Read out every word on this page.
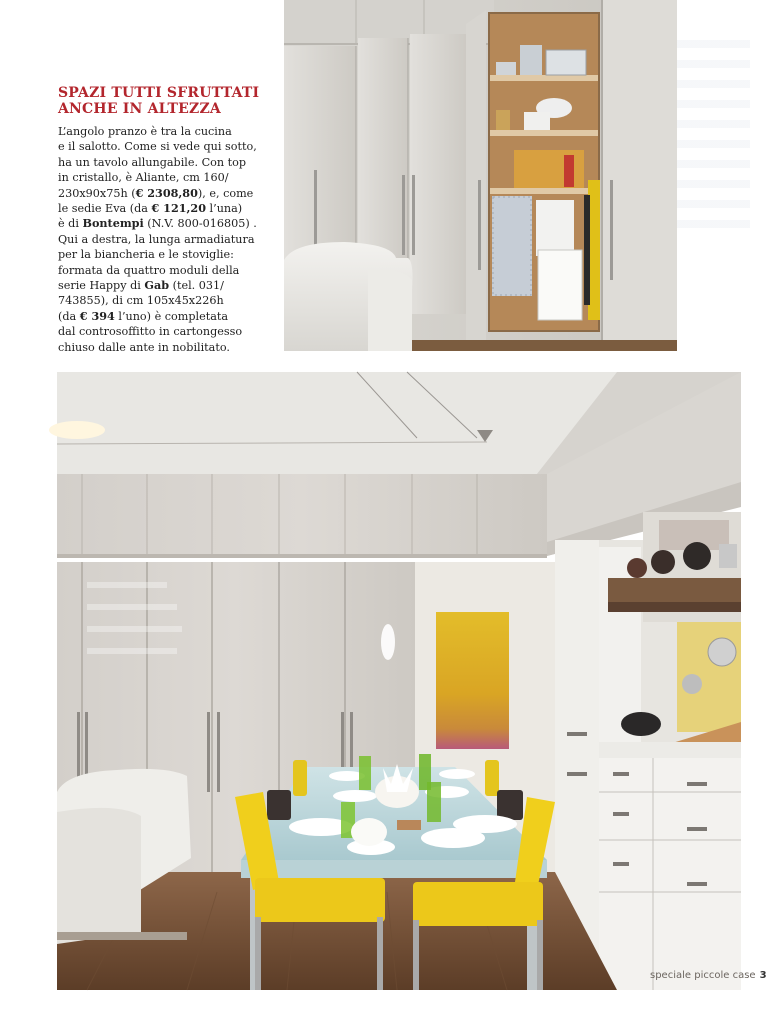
SPAZI TUTTI SFRUTTATI
ANCHE IN ALTEZZA
L’angolo pranzo è tra la cucina
e il salotto. Come si vede qui sotto,
ha un tavolo allungabile. Con top
in cristallo, è Aliante, cm 160/
230x90x75h (€ 2308,80), e, come
le sedie Eva (da € 121,20 l’una)
è di Bontempi (N.V. 800-016805) .
Qui a destra, la lunga armadiatura
per la biancheria e le stoviglie:
formata da quattro moduli della
serie Happy di Gab (tel. 031/
743855), di cm 105x45x226h
(da € 394 l’uno) è completata
dal controsoffitto in cartongesso
chiuso dalle ante in nobilitato.
speciale piccole case 3
